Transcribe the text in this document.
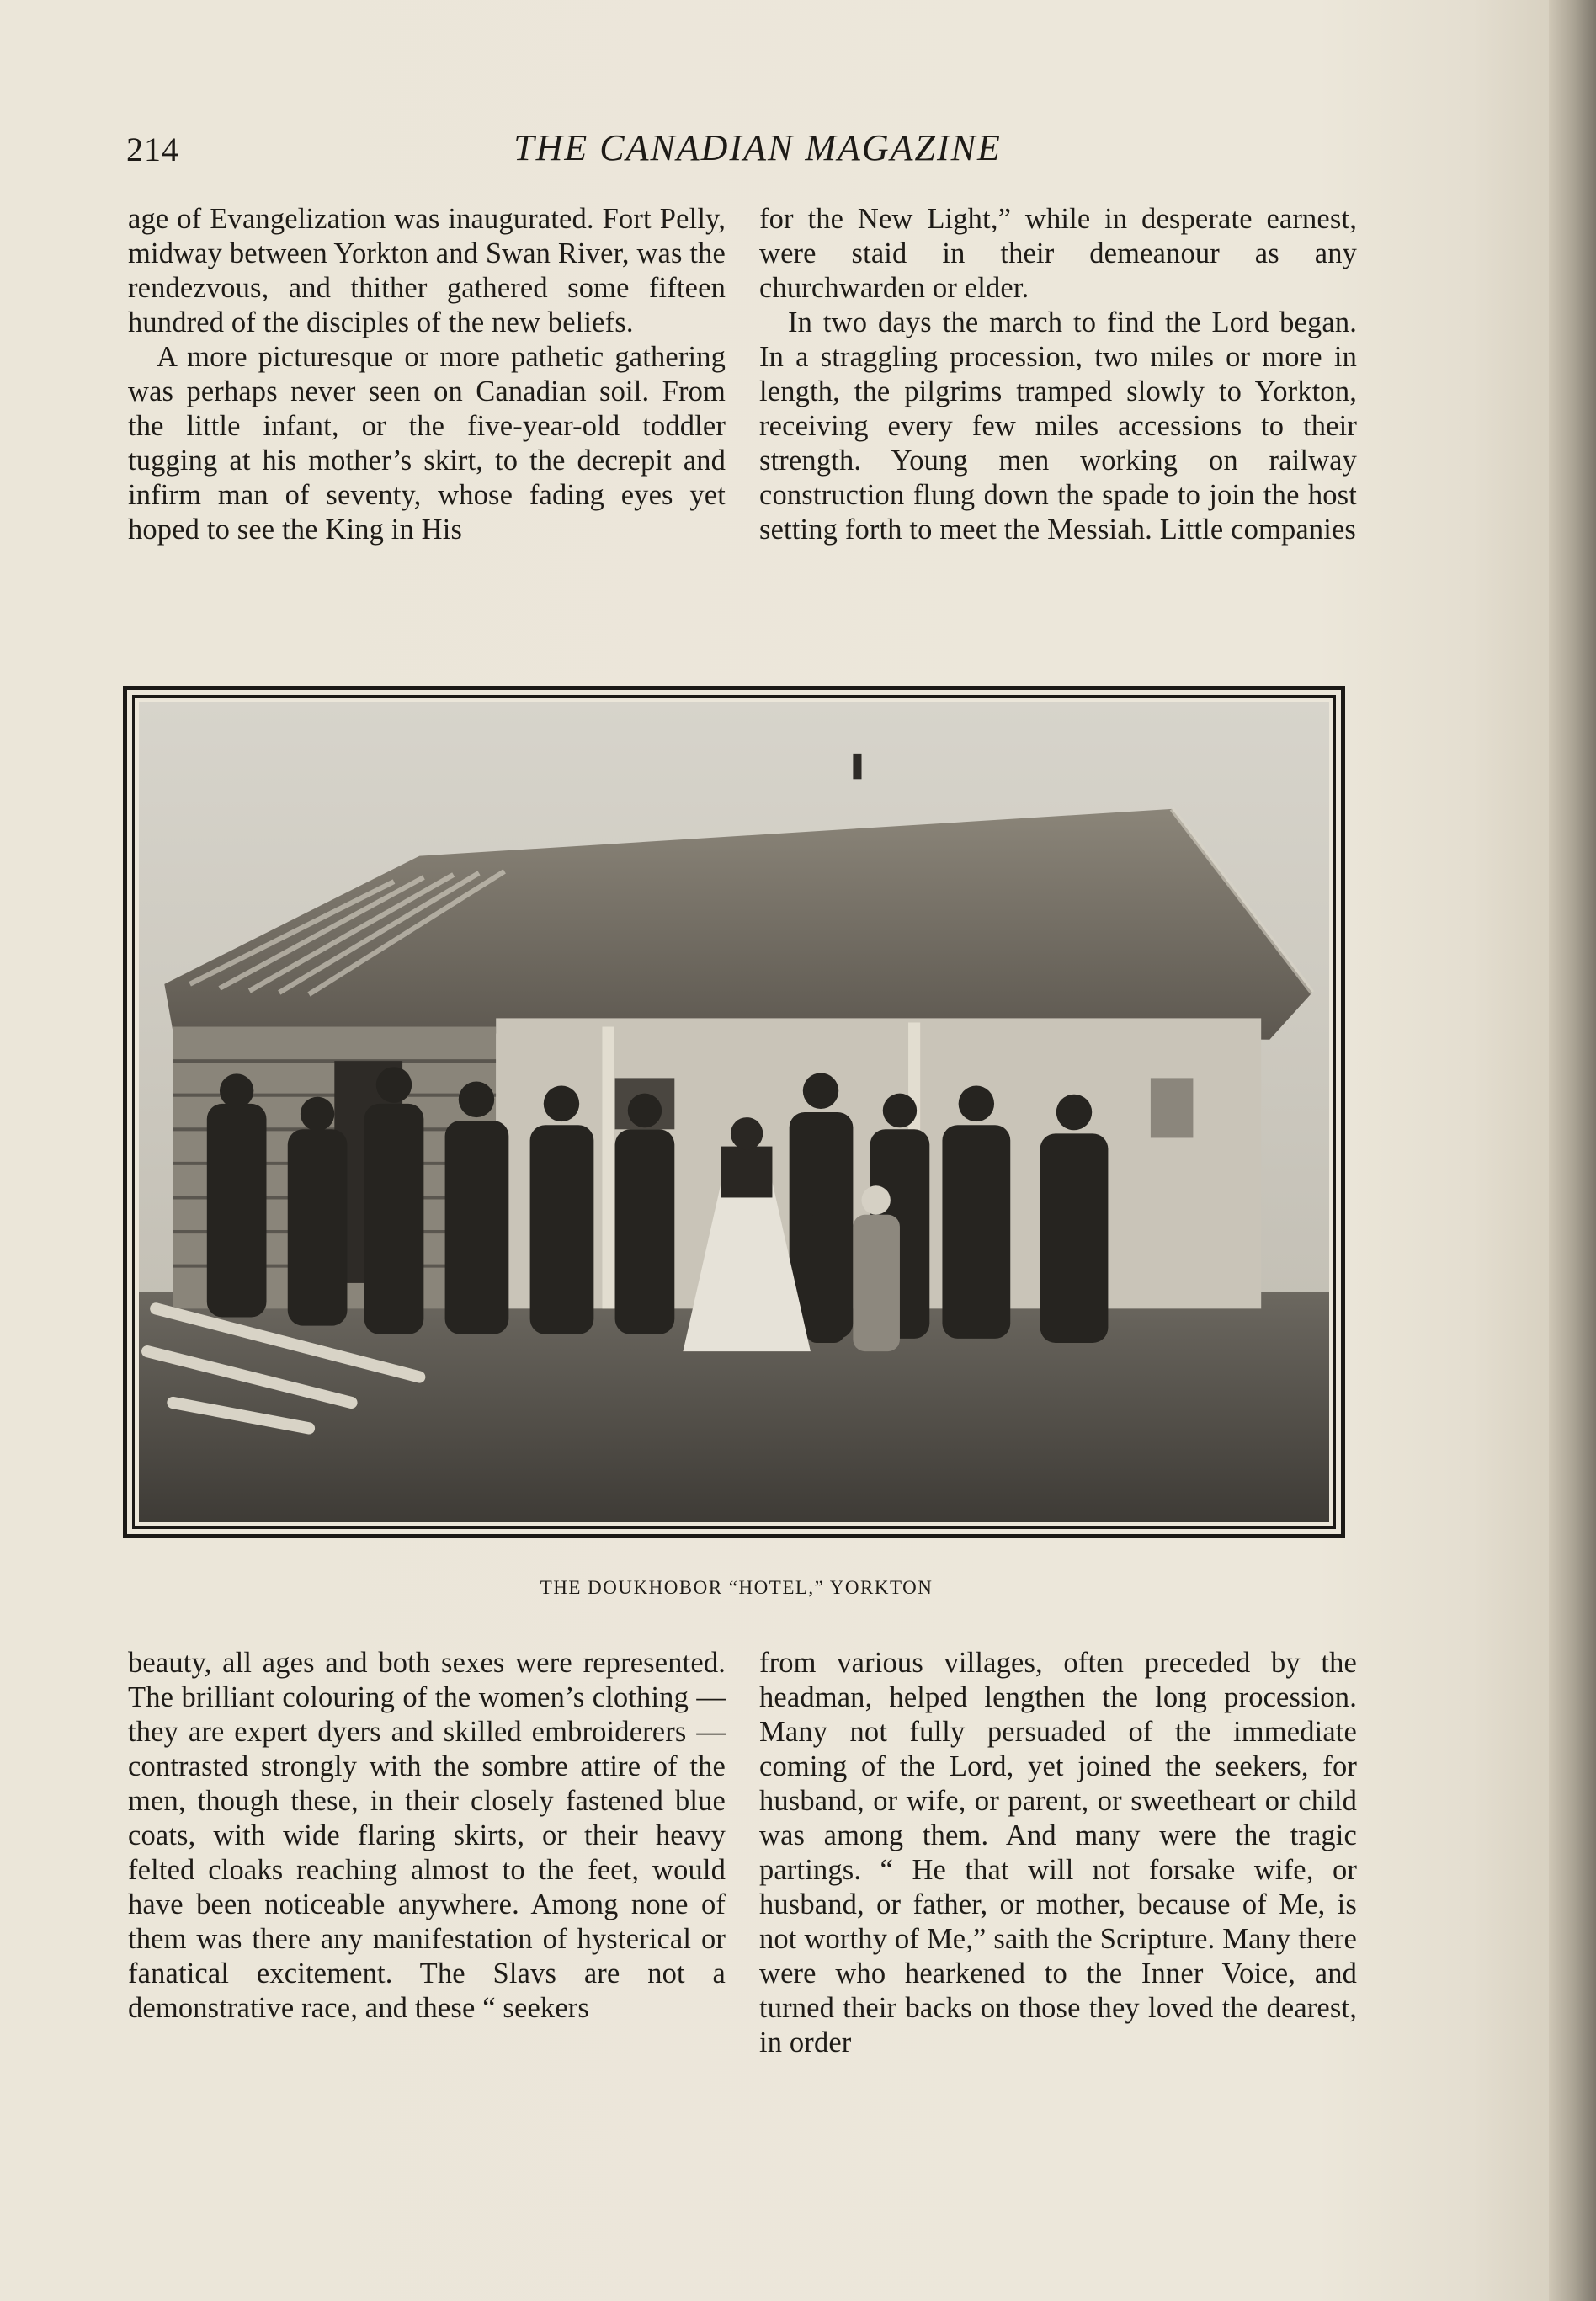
214	THE CANADIAN MAGAZINE

age of Evangelization was inaugurated. Fort Pelly, midway between Yorkton and Swan River, was the rendezvous, and thither gathered some fifteen hundred of the disciples of the new beliefs.

A more picturesque or more pathetic gathering was perhaps never seen on Canadian soil. From the little infant, or the five-year-old toddler tugging at his mother’s skirt, to the decrepit and infirm man of seventy, whose fading eyes yet hoped to see the King in His

for the New Light,” while in desperate earnest, were staid in their demeanour as any churchwarden or elder.

In two days the march to find the Lord began. In a straggling procession, two miles or more in length, the pilgrims tramped slowly to Yorkton, receiving every few miles accessions to their strength. Young men working on railway construction flung down the spade to join the host setting forth to meet the Messiah. Little companies

THE DOUKHOBOR “HOTEL,” YORKTON

beauty, all ages and both sexes were represented. The brilliant colouring of the women’s clothing — they are expert dyers and skilled embroiderers —contrasted strongly with the sombre attire of the men, though these, in their closely fastened blue coats, with wide flaring skirts, or their heavy felted cloaks reaching almost to the feet, would have been noticeable anywhere. Among none of them was there any manifestation of hysterical or fanatical excitement. The Slavs are not a demonstrative race, and these “ seekers

from various villages, often preceded by the headman, helped lengthen the long procession. Many not fully persuaded of the immediate coming of the Lord, yet joined the seekers, for husband, or wife, or parent, or sweetheart or child was among them. And many were the tragic partings. “ He that will not forsake wife, or husband, or father, or mother, because of Me, is not worthy of Me,” saith the Scripture. Many there were who hearkened to the Inner Voice, and turned their backs on those they loved the dearest, in order
